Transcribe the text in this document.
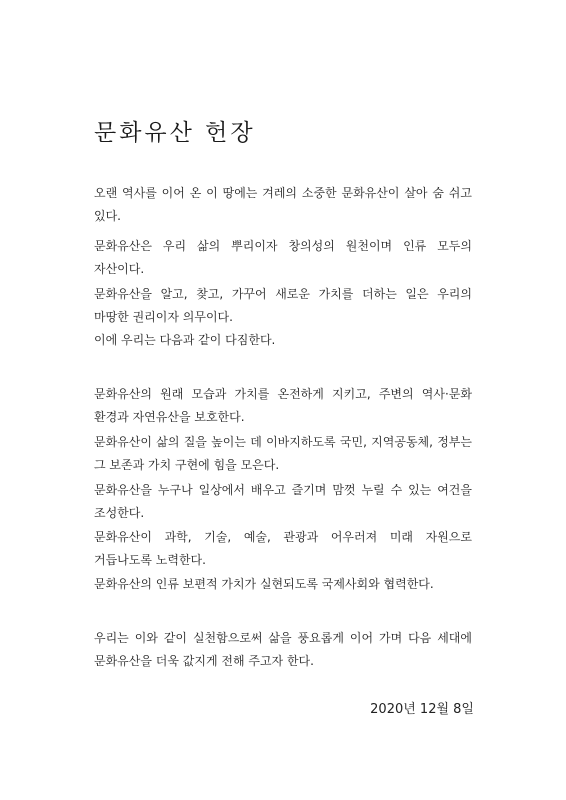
문화유산 헌장

오랜 역사를 이어 온 이 땅에는 겨레의 소중한 문화유산이 살아 숨 쉬고 있다.

문화유산은 우리 삶의 뿌리이자 창의성의 원천이며 인류 모두의 자산이다.

문화유산을 알고, 찾고, 가꾸어 새로운 가치를 더하는 일은 우리의 마땅한 권리이자 의무이다.

이에 우리는 다음과 같이 다짐한다.

문화유산의 원래 모습과 가치를 온전하게 지키고, 주변의 역사·문화 환경과 자연유산을 보호한다.

문화유산이 삶의 질을 높이는 데 이바지하도록 국민, 지역공동체, 정부는 그 보존과 가치 구현에 힘을 모은다.

문화유산을 누구나 일상에서 배우고 즐기며 맘껏 누릴 수 있는 여건을 조성한다.

문화유산이 과학, 기술, 예술, 관광과 어우러져 미래 자원으로 거듭나도록 노력한다.

문화유산의 인류 보편적 가치가 실현되도록 국제사회와 협력한다.

우리는 이와 같이 실천함으로써 삶을 풍요롭게 이어 가며 다음 세대에 문화유산을 더욱 값지게 전해 주고자 한다.

2020년 12월 8일
